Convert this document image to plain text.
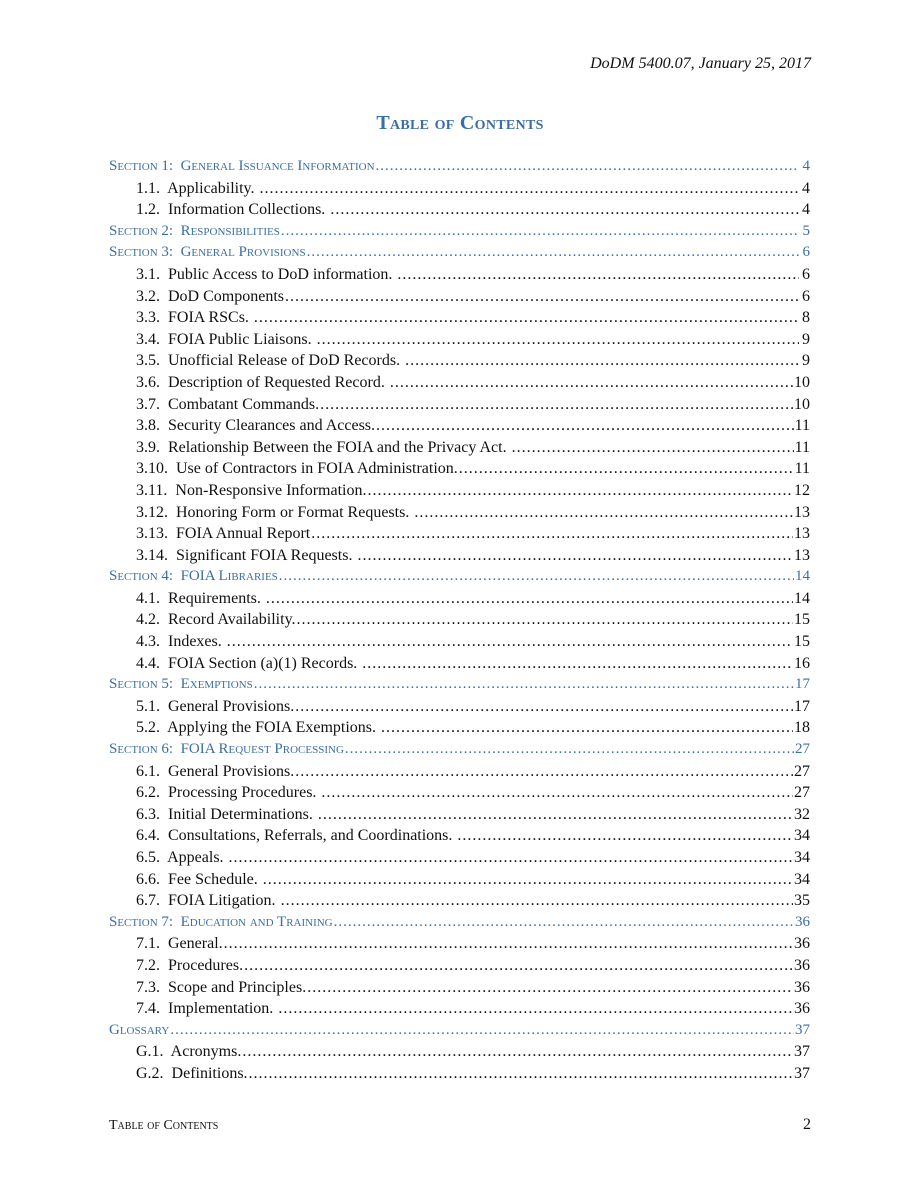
DoDM 5400.07, January 25, 2017
Table of Contents
Section 1:  General Issuance Information .....	4
1.1.  Applicability. .....	4
1.2.  Information Collections. .....	4
Section 2:  Responsibilities .....	5
Section 3:  General Provisions .....	6
3.1.  Public Access to DoD information. .....	6
3.2.  DoD Components .....	6
3.3.  FOIA RSCs. .....	8
3.4.  FOIA Public Liaisons. .....	9
3.5.  Unofficial Release of DoD Records. .....	9
3.6.  Description of Requested Record. .....	10
3.7.  Combatant Commands. .....	10
3.8.  Security Clearances and Access. .....	11
3.9.  Relationship Between the FOIA and the Privacy Act. .....	11
3.10.  Use of Contractors in FOIA Administration. .....	11
3.11.  Non-Responsive Information. .....	12
3.12.  Honoring Form or Format Requests. .....	13
3.13.  FOIA Annual Report .....	13
3.14.  Significant FOIA Requests. .....	13
Section 4:  FOIA Libraries .....	14
4.1.  Requirements. .....	14
4.2.  Record Availability. .....	15
4.3.  Indexes. .....	15
4.4.  FOIA Section (a)(1) Records. .....	16
Section 5:  Exemptions .....	17
5.1.  General Provisions. .....	17
5.2.  Applying the FOIA Exemptions. .....	18
Section 6:  FOIA Request Processing .....	27
6.1.  General Provisions. .....	27
6.2.  Processing Procedures. .....	27
6.3.  Initial Determinations. .....	32
6.4.  Consultations, Referrals, and Coordinations. .....	34
6.5.  Appeals. .....	34
6.6.  Fee Schedule. .....	34
6.7.  FOIA Litigation. .....	35
Section 7:  Education and Training .....	36
7.1.  General. .....	36
7.2.  Procedures. .....	36
7.3.  Scope and Principles. .....	36
7.4.  Implementation. .....	36
Glossary .....	37
G.1.  Acronyms. .....	37
G.2.  Definitions. .....	37
Table of Contents	2
